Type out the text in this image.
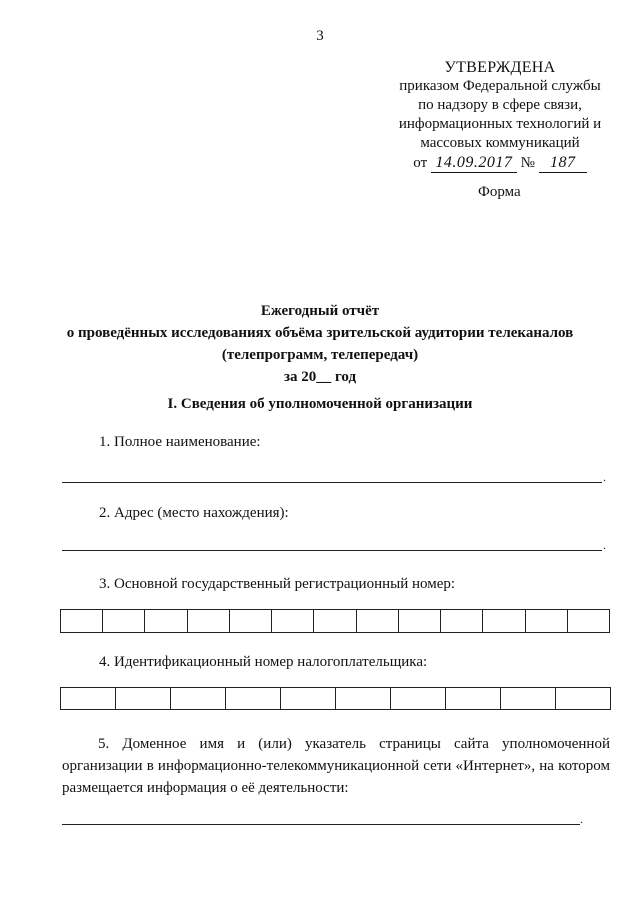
3
УТВЕРЖДЕНА
приказом Федеральной службы
по надзору в сфере связи,
информационных технологий и
массовых коммуникаций
от 14.09.2017 № 187
Форма
Ежегодный отчёт
о проведённых исследованиях объёма зрительской аудитории телеканалов
(телепрограмм, телепередач)
за 20__ год
I. Сведения об уполномоченной организации
1. Полное наименование:
.
2. Адрес (место нахождения):
.
3. Основной государственный регистрационный номер:
4. Идентификационный номер налогоплательщика:
5. Доменное имя и (или) указатель страницы сайта уполномоченной организации в информационно-телекоммуникационной сети «Интернет», на котором размещается информация о её деятельности:
.
